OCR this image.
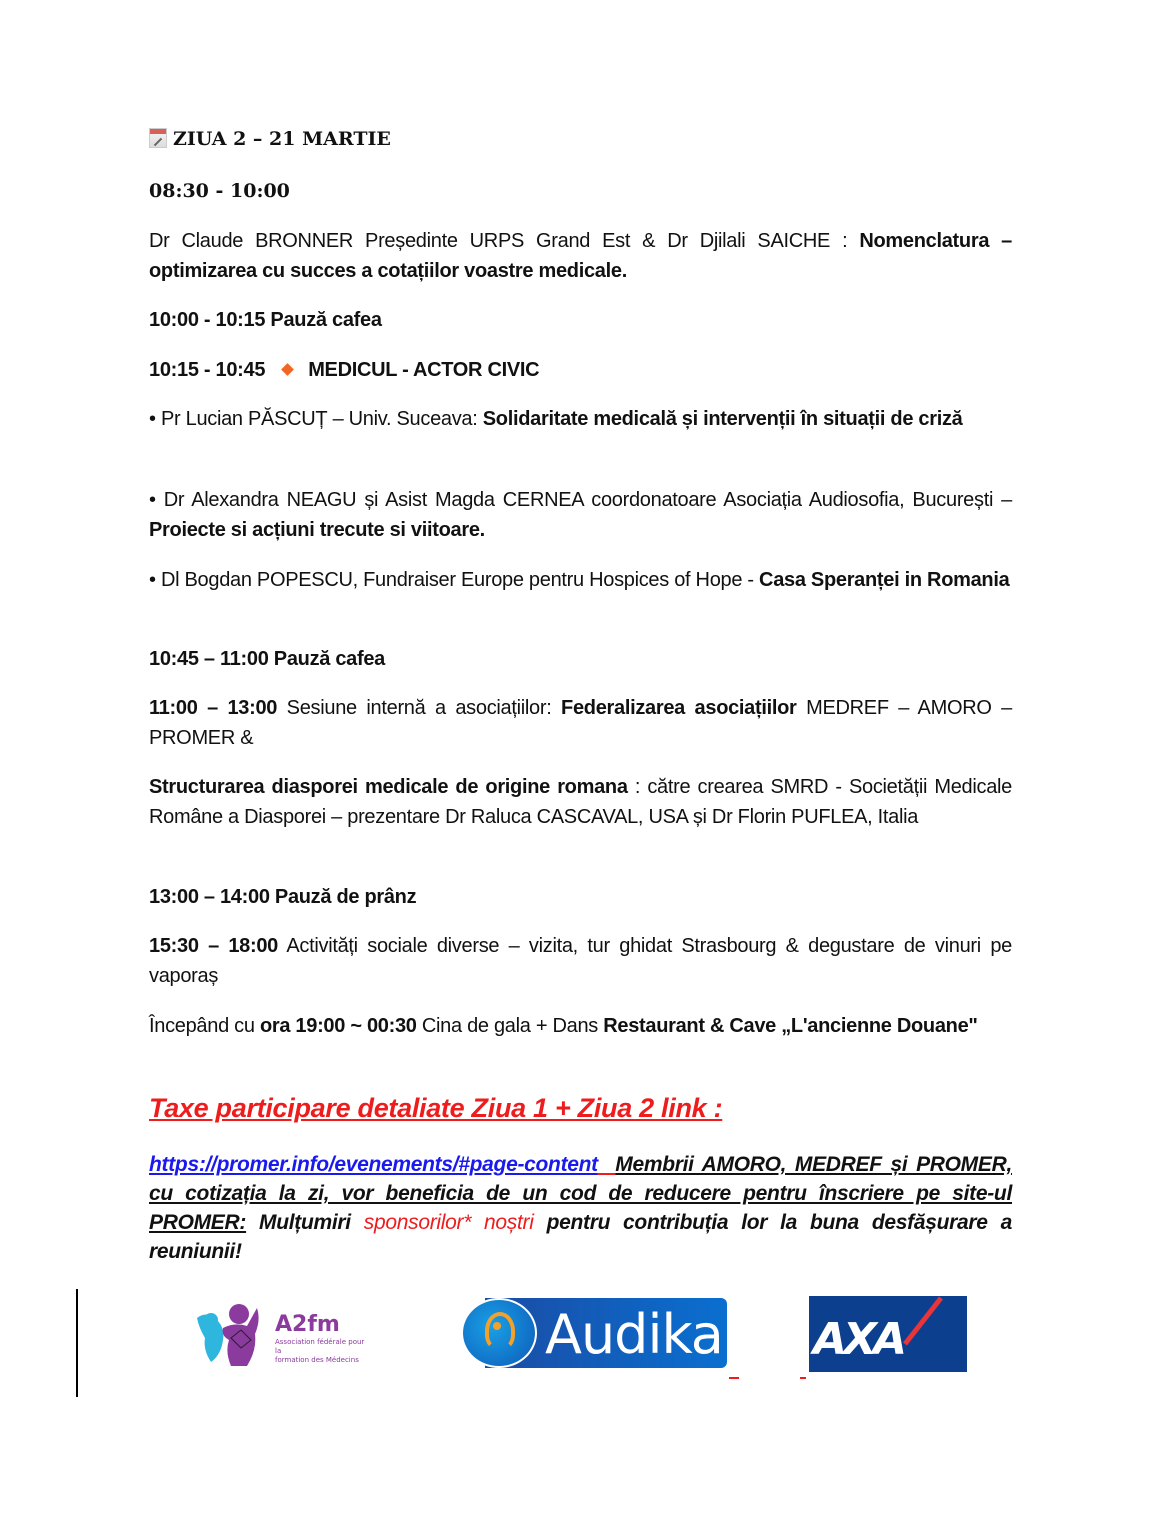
ZIUA 2 – 21 MARTIE
08:30 - 10:00
Dr Claude BRONNER Președinte URPS Grand Est & Dr Djilali SAICHE : Nomenclatura – optimizarea cu succes a cotațiilor voastre medicale.
10:00 - 10:15 Pauză cafea
10:15 - 10:45 MEDICUL - ACTOR CIVIC
• Pr Lucian PĂSCUȚ – Univ. Suceava: Solidaritate medicală și intervenții în situații de criză
• Dr Alexandra NEAGU și Asist Magda CERNEA coordonatoare Asociația Audiosofia, București –Proiecte si acțiuni trecute si viitoare.
• Dl Bogdan POPESCU, Fundraiser Europe pentru Hospices of Hope - Casa Speranței in Romania
10:45 – 11:00 Pauză cafea
11:00 – 13:00 Sesiune internă a asociațiilor: Federalizarea asociațiilor MEDREF – AMORO – PROMER &
Structurarea diasporei medicale de origine romana : către crearea SMRD - Societății Medicale Române a Diasporei – prezentare Dr Raluca CASCAVAL, USA și Dr Florin PUFLEA, Italia
13:00 – 14:00 Pauză de prânz
15:30 – 18:00 Activități sociale diverse – vizita, tur ghidat Strasbourg & degustare de vinuri pe vaporaș
Începând cu ora 19:00 ~ 00:30 Cina de gala + Dans Restaurant & Cave „L'ancienne Douane"
Taxe participare detaliate Ziua 1 + Ziua 2 link :
https://promer.info/evenements/#page-content Membrii AMORO, MEDREF și PROMER, cu cotizația la zi, vor beneficia de un cod de reducere pentru înscriere pe site-ul PROMER: Mulțumiri sponsorilor* noștri pentru contribuția lor la buna desfășurare a reuniunii!
A2fm
Association fédérale pour la
formation des Médecins	Audika AXA
